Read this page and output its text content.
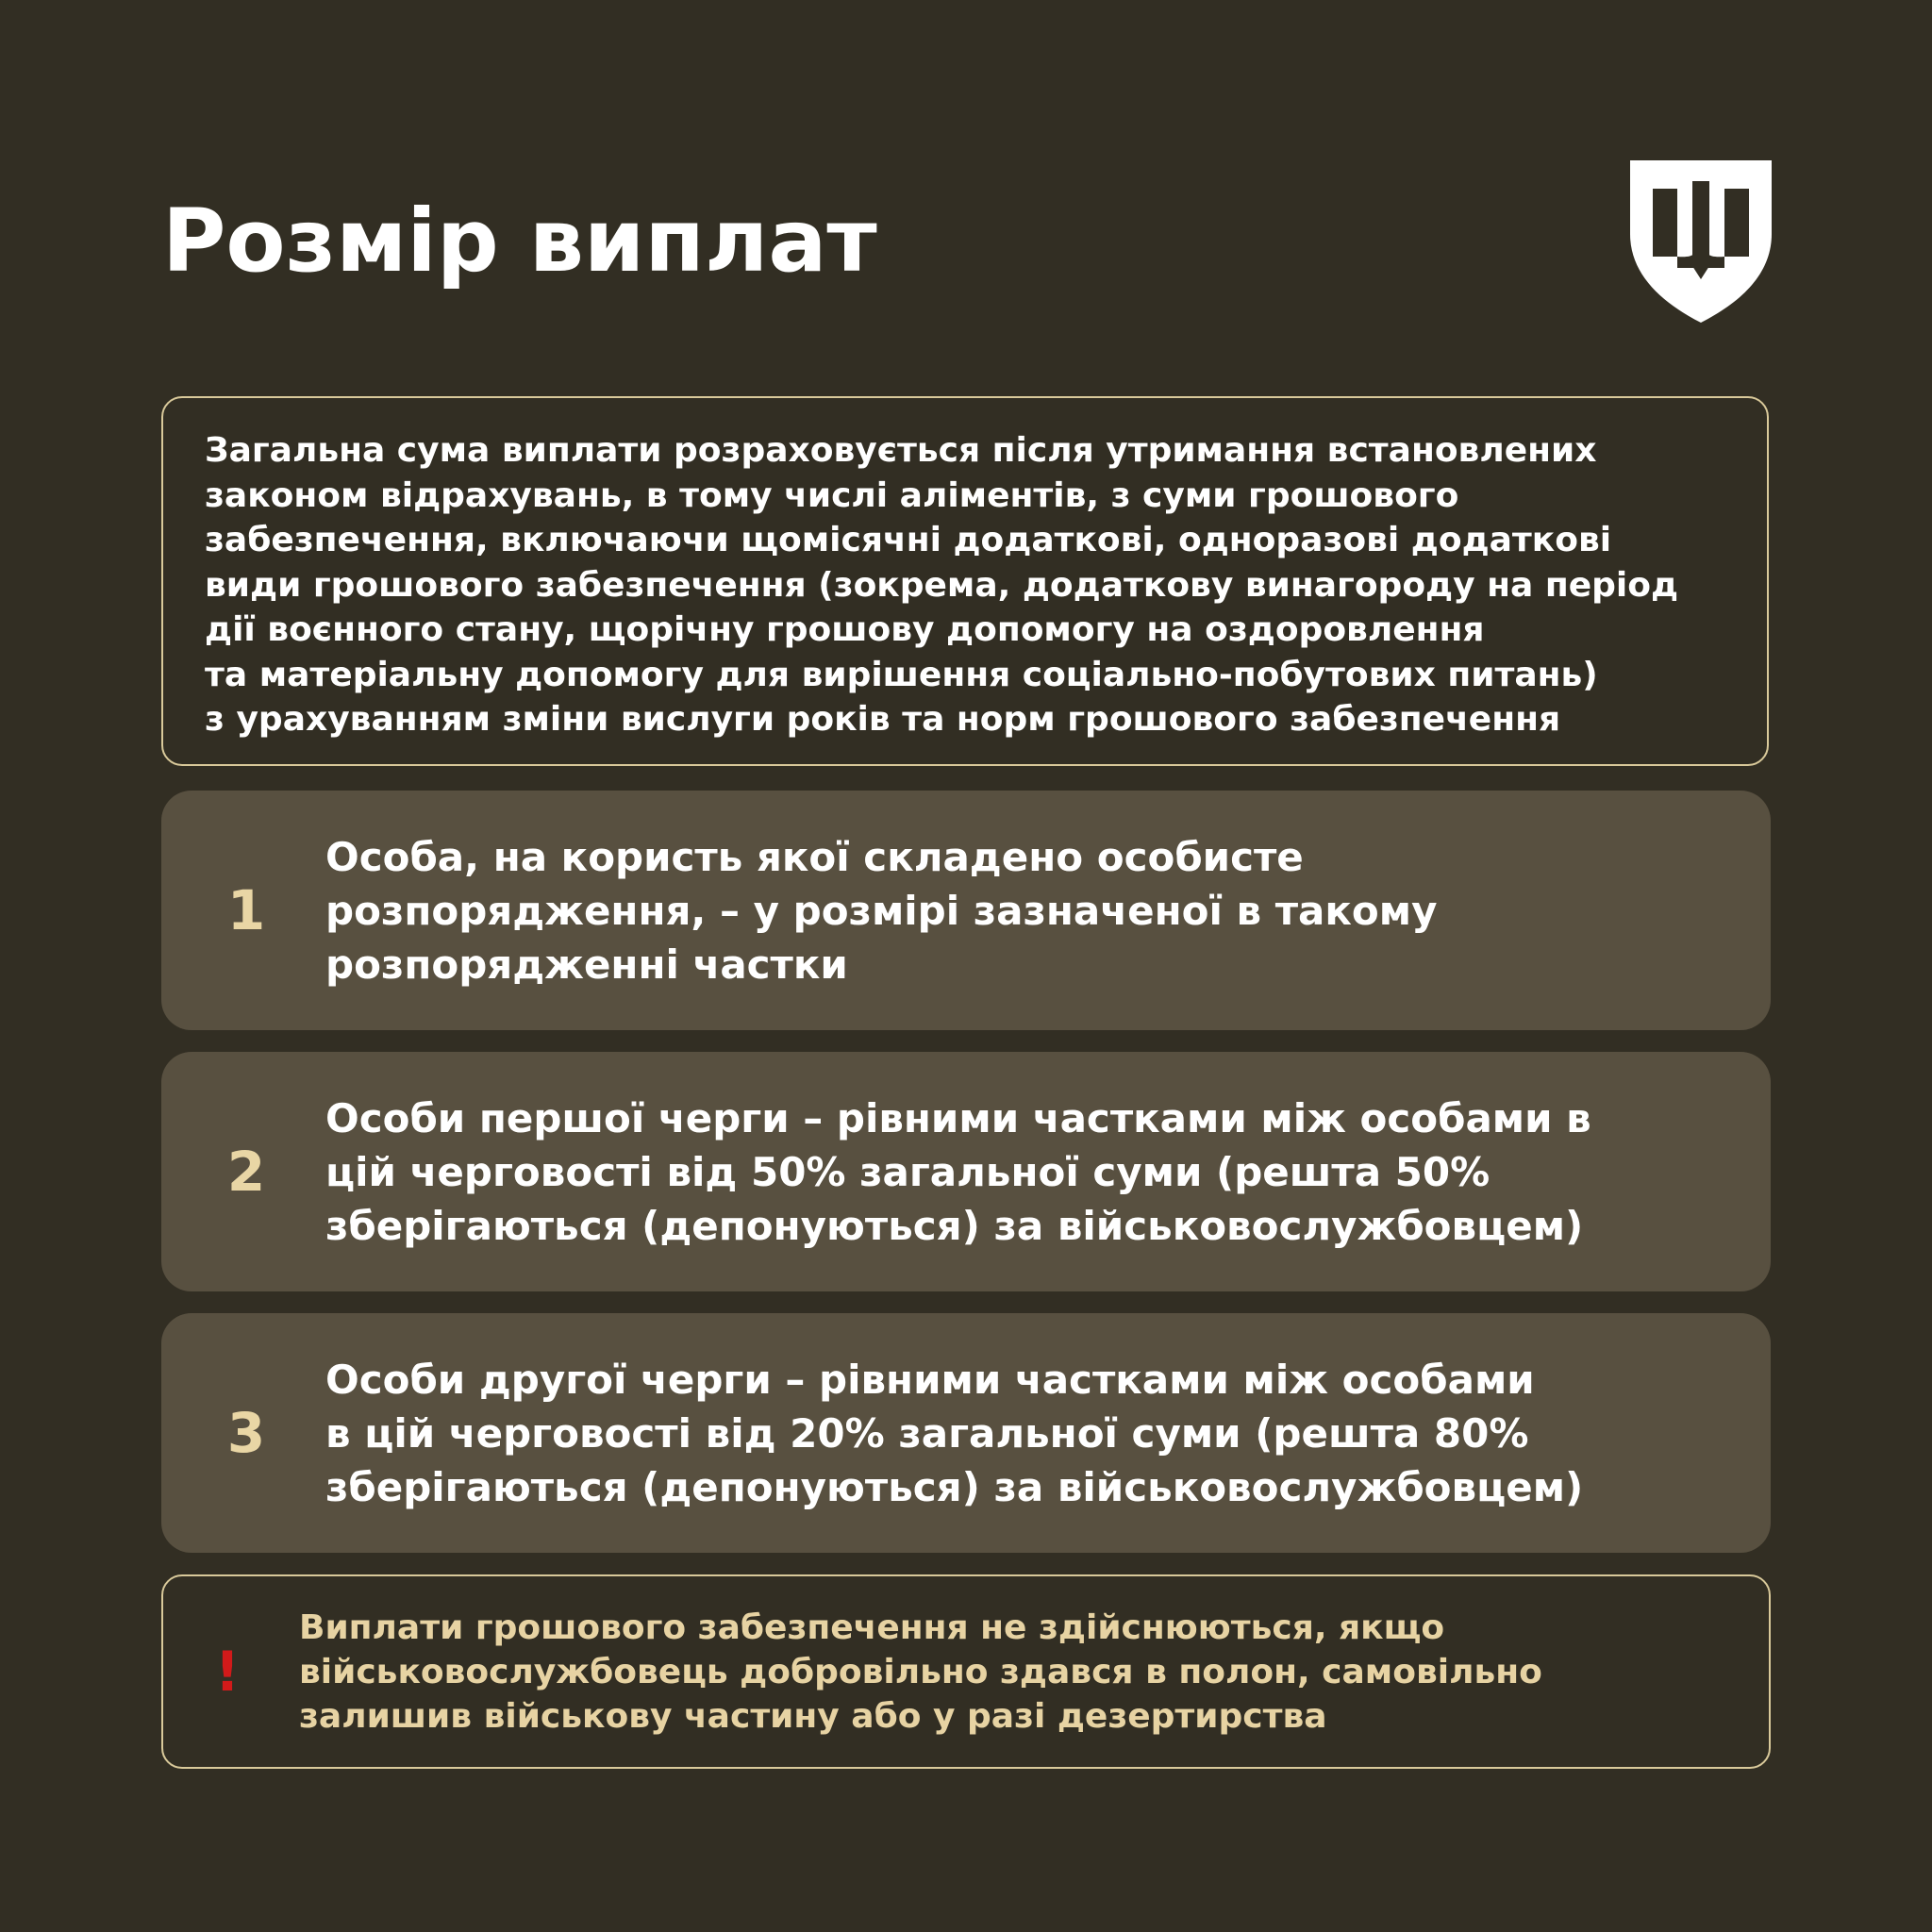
Розмір виплат
Загальна сума виплати розраховується після утримання встановлених
законом відрахувань, в тому числі аліментів, з суми грошового
забезпечення, включаючи щомісячні додаткові, одноразові додаткові
види грошового забезпечення (зокрема, додаткову винагороду на період
дії воєнного стану, щорічну грошову допомогу на оздоровлення
та матеріальну допомогу для вирішення соціально-побутових питань)
з урахуванням зміни вислуги років та норм грошового забезпечення
1
Особа, на користь якої складено особисте
розпорядження, – у розмірі зазначеної в такому
розпорядженні частки
2
Особи першої черги – рівними частками між особами в
цій черговості від 50% загальної суми (решта 50%
зберігаються (депонуються) за військовослужбовцем)
3
Особи другої черги – рівними частками між особами
в цій черговості від 20% загальної суми (решта 80%
зберігаються (депонуються) за військовослужбовцем)
!
Виплати грошового забезпечення не здійснюються, якщо
військовослужбовець добровільно здався в полон, самовільно
залишив військову частину або у разі дезертирства
